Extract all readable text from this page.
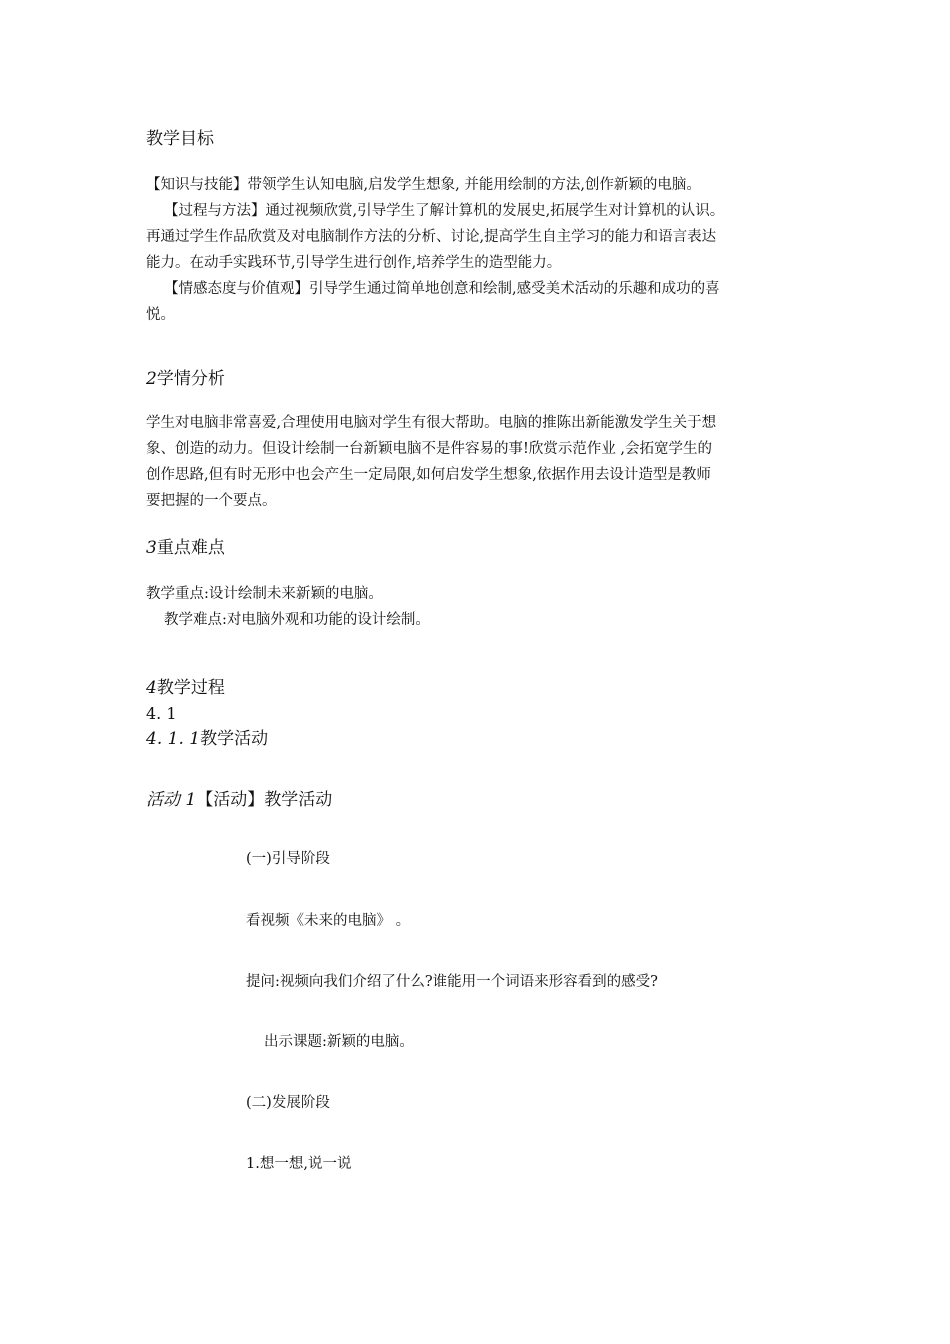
教学目标
【知识与技能】带领学生认知电脑,启发学生想象, 并能用绘制的方法,创作新颖的电脑。
【过程与方法】通过视频欣赏,引导学生了解计算机的发展史,拓展学生对计算机的认识。
再通过学生作品欣赏及对电脑制作方法的分析、讨论,提高学生自主学习的能力和语言表达
能力。在动手实践环节,引导学生进行创作,培养学生的造型能力。
【情感态度与价值观】引导学生通过简单地创意和绘制,感受美术活动的乐趣和成功的喜
悦。
2学情分析
学生对电脑非常喜爱,合理使用电脑对学生有很大帮助。电脑的推陈出新能激发学生关于想
象、创造的动力。但设计绘制一台新颖电脑不是件容易的事!欣赏示范作业 ,会拓宽学生的
创作思路,但有时无形中也会产生一定局限,如何启发学生想象,依据作用去设计造型是教师
要把握的一个要点。
3重点难点
教学重点:设计绘制未来新颖的电脑。
教学难点:对电脑外观和功能的设计绘制。
4教学过程
4. 1
4. 1. 1教学活动
活动 1【活动】教学活动
(一)引导阶段
看视频《未来的电脑》 。
提问:视频向我们介绍了什么?谁能用一个词语来形容看到的感受?
出示课题:新颖的电脑。
(二)发展阶段
1.想一想,说一说
